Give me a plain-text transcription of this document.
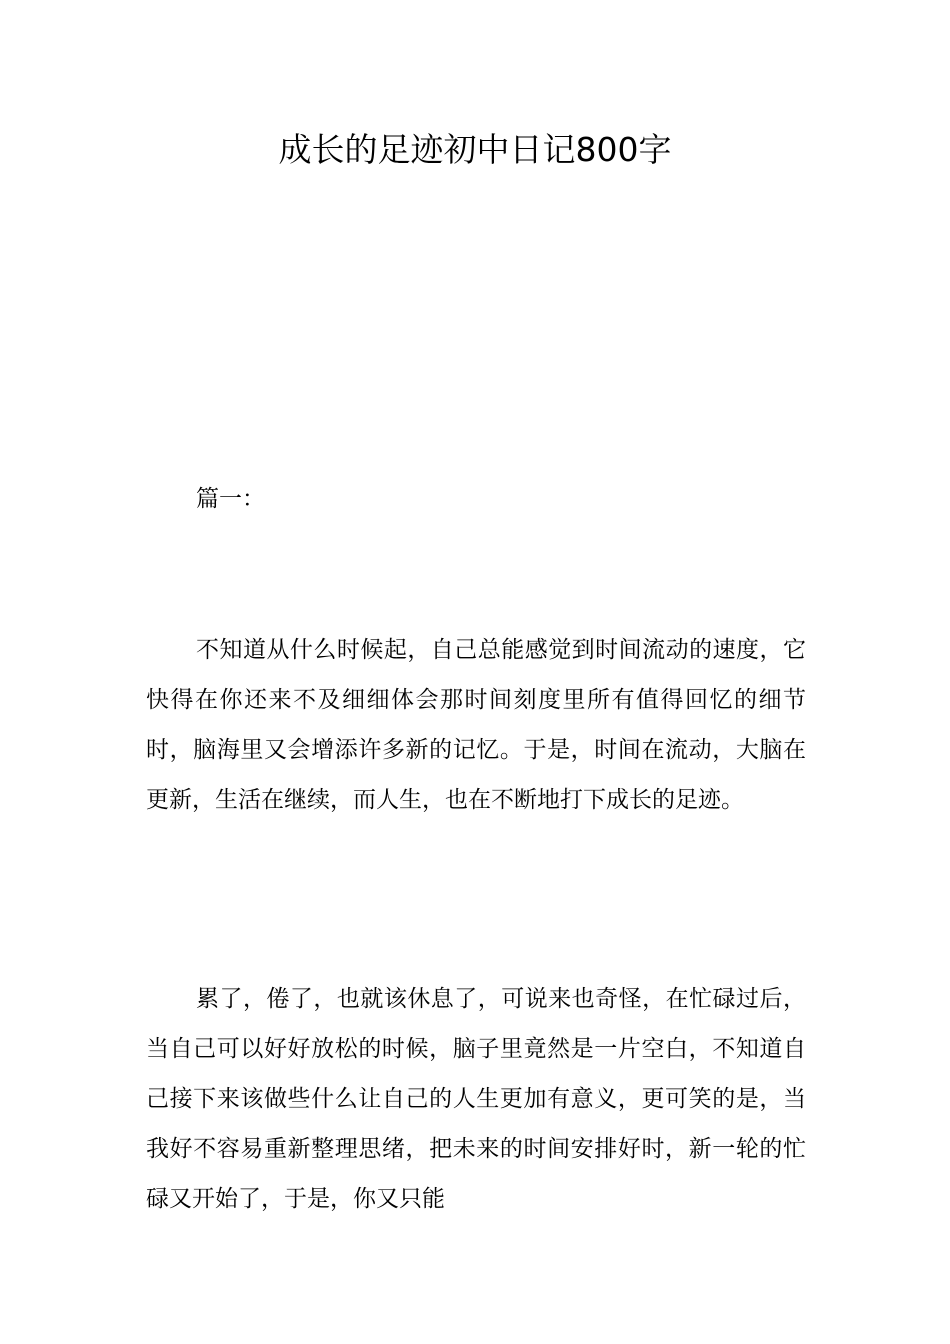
成长的足迹初中日记800字
篇一：

不知道从什么时候起，自己总能感觉到时间流动的速度，它快得在你还来不及细细体会那时间刻度里所有值得回忆的细节时，脑海里又会增添许多新的记忆。于是，时间在流动，大脑在更新，生活在继续，而人生，也在不断地打下成长的足迹。

累了，倦了，也就该休息了，可说来也奇怪，在忙碌过后，当自己可以好好放松的时候，脑子里竟然是一片空白，不知道自己接下来该做些什么让自己的人生更加有意义，更可笑的是，当我好不容易重新整理思绪，把未来的时间安排好时，新一轮的忙碌又开始了，于是，你又只能
